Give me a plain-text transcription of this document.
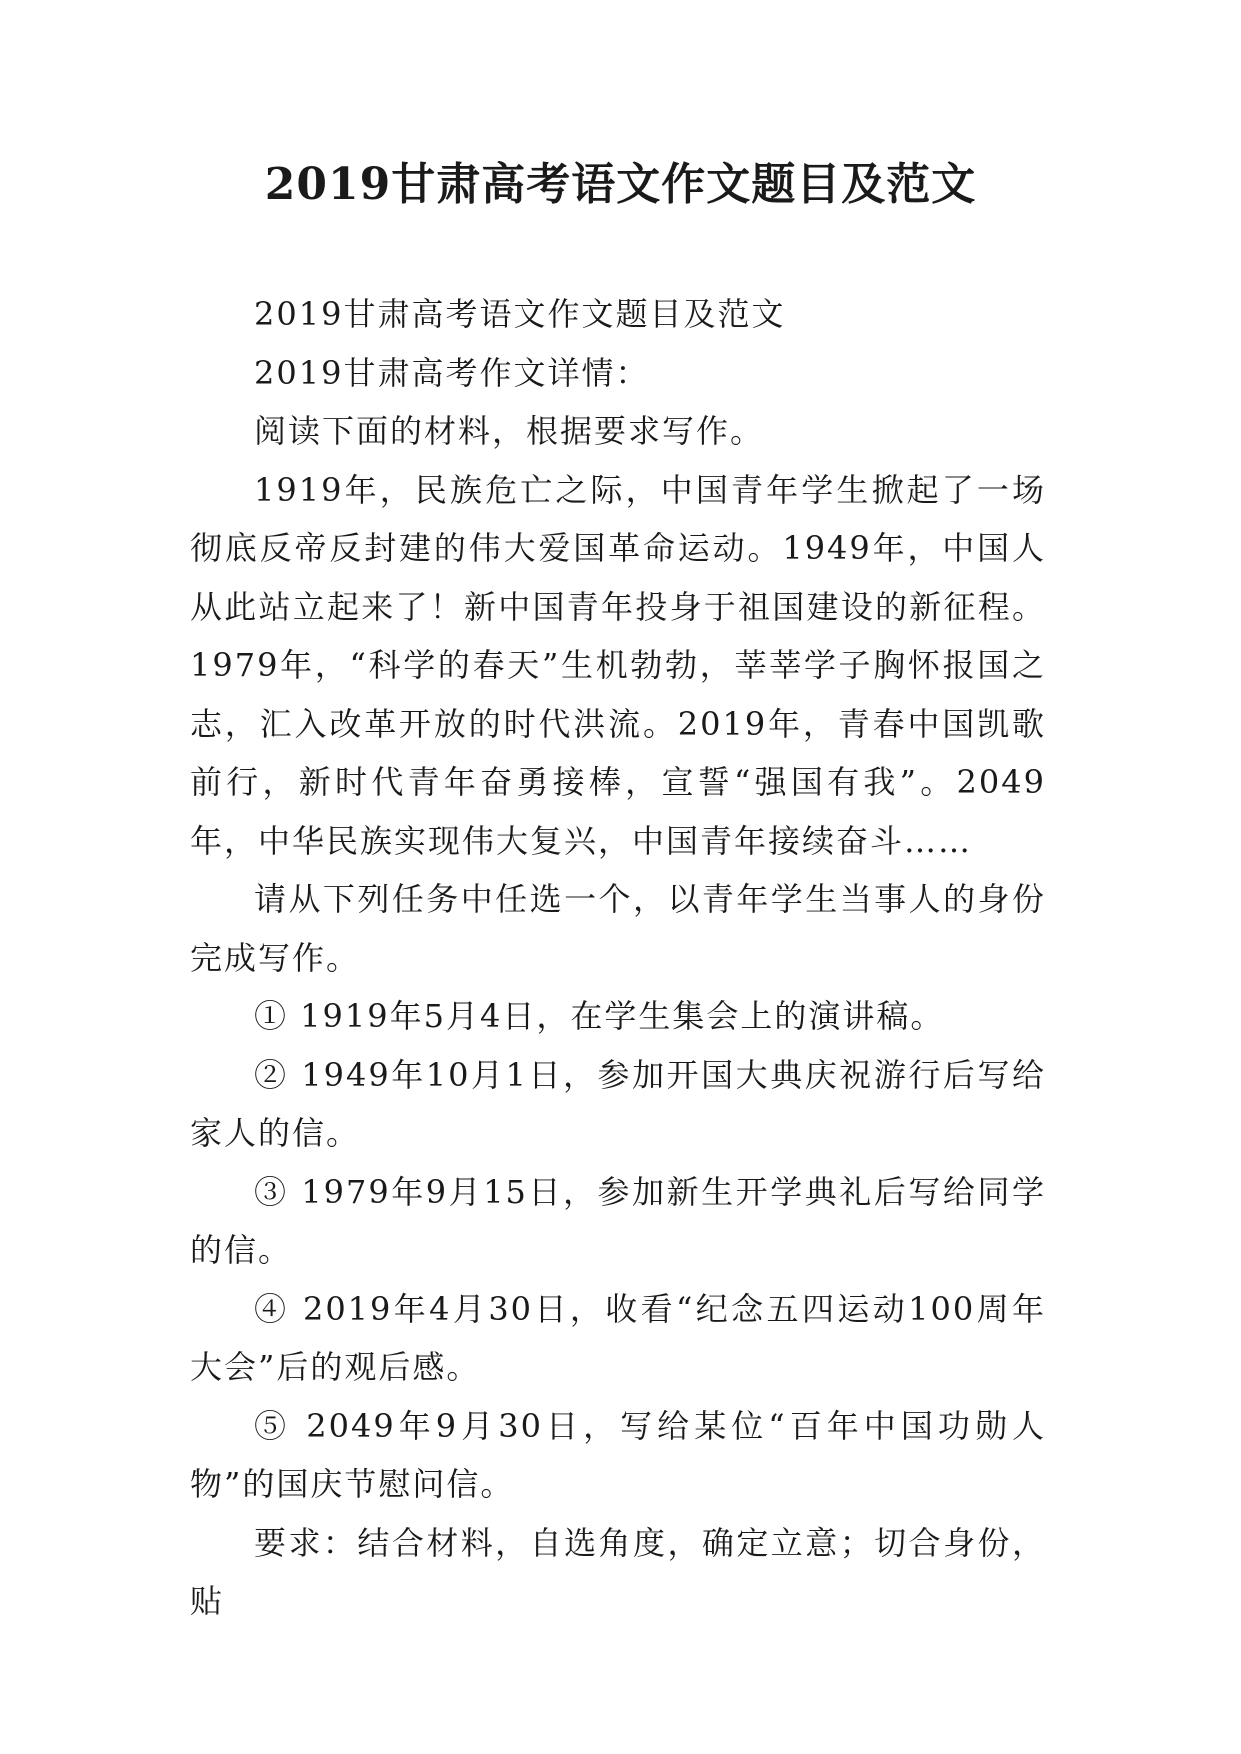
2019甘肃高考语文作文题目及范文

2019甘肃高考语文作文题目及范文

2019甘肃高考作文详情：

阅读下面的材料，根据要求写作。

1919年，民族危亡之际，中国青年学生掀起了一场彻底反帝反封建的伟大爱国革命运动。1949年，中国人从此站立起来了！新中国青年投身于祖国建设的新征程。1979年，“科学的春天”生机勃勃，莘莘学子胸怀报国之志，汇入改革开放的时代洪流。2019年，青春中国凯歌前行，新时代青年奋勇接棒，宣誓“强国有我”。2049年，中华民族实现伟大复兴，中国青年接续奋斗……

请从下列任务中任选一个，以青年学生当事人的身份完成写作。

① 1919年5月4日，在学生集会上的演讲稿。

② 1949年10月1日，参加开国大典庆祝游行后写给家人的信。

③ 1979年9月15日，参加新生开学典礼后写给同学的信。

④ 2019年4月30日，收看“纪念五四运动100周年大会”后的观后感。

⑤ 2049年9月30日，写给某位“百年中国功勋人物”的国庆节慰问信。

要求：结合材料，自选角度，确定立意；切合身份，贴
